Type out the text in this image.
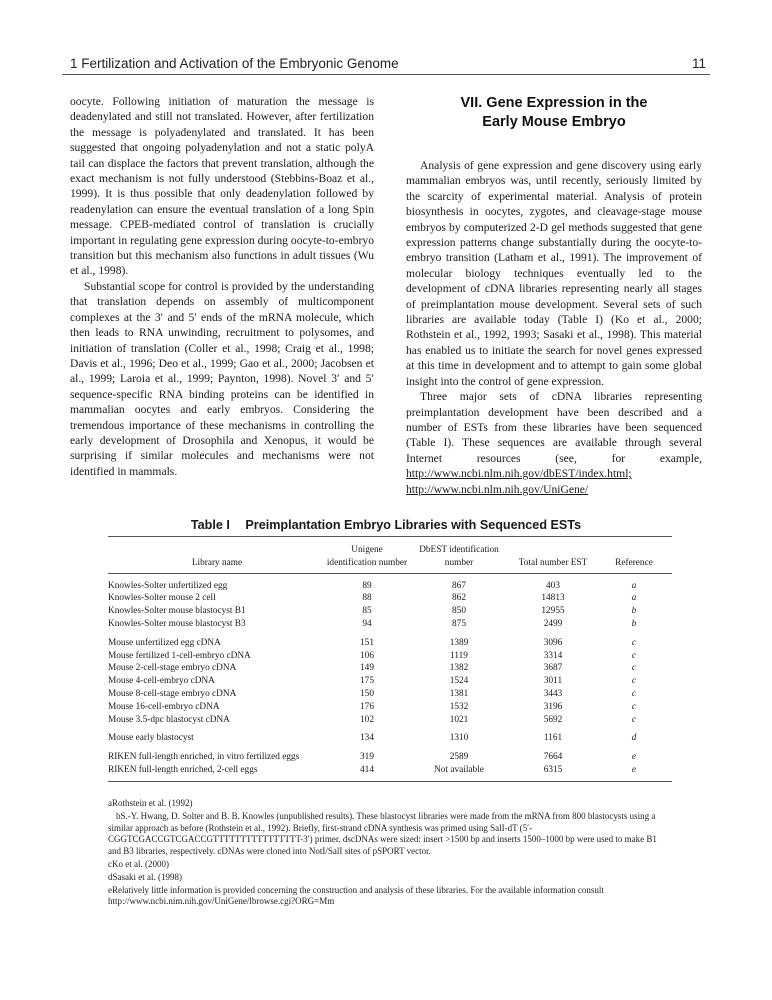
1 Fertilization and Activation of the Embryonic Genome	11

oocyte. Following initiation of maturation the message is deadenylated and still not translated. However, after fertilization the message is polyadenylated and translated. It has been suggested that ongoing polyadenylation and not a static polyA tail can displace the factors that prevent translation, although the exact mechanism is not fully understood (Stebbins-Boaz et al., 1999). It is thus possible that only deadenylation followed by readenylation can ensure the eventual translation of a long Spin message. CPEB-mediated control of translation is crucially important in regulating gene expression during oocyte-to-embryo transition but this mechanism also functions in adult tissues (Wu et al., 1998).

Substantial scope for control is provided by the understanding that translation depends on assembly of multicomponent complexes at the 3′ and 5′ ends of the mRNA molecule, which then leads to RNA unwinding, recruitment to polysomes, and initiation of translation (Coller et al., 1998; Craig et al., 1998; Davis et al., 1996; Deo et al., 1999; Gao et al., 2000; Jacobsen et al., 1999; Laroia et al., 1999; Paynton, 1998). Novel 3′ and 5′ sequence-specific RNA binding proteins can be identified in mammalian oocytes and early embryos. Considering the tremendous importance of these mechanisms in controlling the early development of Drosophila and Xenopus, it would be surprising if similar molecules and mechanisms were not identified in mammals.

VII. Gene Expression in the
Early Mouse Embryo

Analysis of gene expression and gene discovery using early mammalian embryos was, until recently, seriously limited by the scarcity of experimental material. Analysis of protein biosynthesis in oocytes, zygotes, and cleavage-stage mouse embryos by computerized 2-D gel methods suggested that gene expression patterns change substantially during the oocyte-to-embryo transition (Latham et al., 1991). The improvement of molecular biology techniques eventually led to the development of cDNA libraries representing nearly all stages of preimplantation mouse development. Several sets of such libraries are available today (Table I) (Ko et al., 2000; Rothstein et al., 1992, 1993; Sasaki et al., 1998). This material has enabled us to initiate the search for novel genes expressed at this time in development and to attempt to gain some global insight into the control of gene expression.

Three major sets of cDNA libraries representing preimplantation development have been described and a number of ESTs from these libraries have been sequenced (Table I). These sequences are available through several Internet resources (see, for example, http://www.ncbi.nlm.nih.gov/dbEST/index.html; http://www.ncbi.nlm.nih.gov/UniGene/

Table I Preimplantation Embryo Libraries with Sequenced ESTs
Library name	Unigene identification number	DbEST identification number	Total number EST	Reference
Knowles-Solter unfertilized egg	89	867	403	a
Knowles-Solter mouse 2 cell	88	862	14813	a
Knowles-Solter mouse blastocyst B1	85	850	12955	b
Knowles-Solter mouse blastocyst B3	94	875	2499	b
Mouse unfertilized egg cDNA	151	1389	3096	c
Mouse fertilized 1-cell-embryo cDNA	106	1119	3314	c
Mouse 2-cell-stage embryo cDNA	149	1382	3687	c
Mouse 4-cell-embryo cDNA	175	1524	3011	c
Mouse 8-cell-stage embryo cDNA	150	1381	3443	c
Mouse 16-cell-embryo cDNA	176	1532	3196	c
Mouse 3.5-dpc blastocyst cDNA	102	1021	5692	c
Mouse early blastocyst	134	1310	1161	d
RIKEN full-length enriched, in vitro fertilized eggs	319	2589	7664	e
RIKEN full-length enriched, 2-cell eggs	414	Not available	6315	e
aRothstein et al. (1992)
bS.-Y. Hwang, D. Solter and B. B. Knowles (unpublished results). These blastocyst libraries were made from the mRNA from 800 blastocysts using a similar approach as before (Rothstein et al., 1992). Briefly, first-strand cDNA synthesis was primed using SalI-dT (5′-CGGTCGACCGTCGACCGTTTTTTTTTTTTTTTT-3′) primer. dscDNAs were sized: insert >1500 bp and inserts 1500–1000 bp were used to make B1 and B3 libraries, respectively. cDNAs were cloned into NotI/SalI sites of pSPORT vector.
cKo et al. (2000)
dSasaki et al. (1998)
eRelatively little information is provided concerning the construction and analysis of these libraries. For the available information consult http://www.ncbi.nim.nih.gov/UniGene/lbrowse.cgi?ORG=Mm
